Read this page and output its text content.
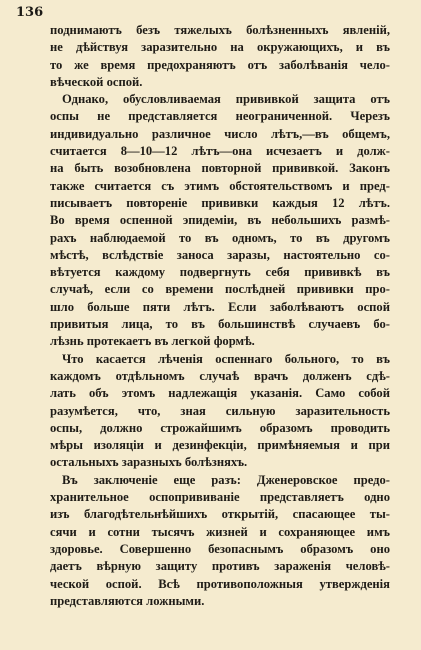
136
поднимаютъ безъ тяжелыхъ болѣзненныхъ явленій,
не дѣйствуя заразительно на окружающихъ, и въ
то же время предохраняютъ отъ заболѣванія чело-
вѣческой оспой.
Однако, обусловливаемая прививкой защита отъ
оспы не представляется неограниченной. Черезъ
индивидуально различное число лѣтъ,—въ общемъ,
считается 8—10—12 лѣтъ—она исчезаетъ и долж-
на быть возобновлена повторной прививкой. Законъ
также считается съ этимъ обстоятельствомъ и пред-
писываетъ повтореніе прививки каждыя 12 лѣтъ.
Во время оспенной эпидеміи, въ небольшихъ размѣ-
рахъ наблюдаемой то въ одномъ, то въ другомъ
мѣстѣ, вслѣдствіе заноса заразы, настоятельно со-
вѣтуется каждому подвергнуть себя прививкѣ въ
случаѣ, если со времени послѣдней прививки про-
шло больше пяти лѣтъ. Если заболѣваютъ оспой
привитыя лица, то въ большинствѣ случаевъ бо-
лѣзнь протекаетъ въ легкой формѣ.
Что касается лѣченія оспеннаго больного, то въ
каждомъ отдѣльномъ случаѣ врачъ долженъ сдѣ-
лать объ этомъ надлежащія указанія. Само собой
разумѣется, что, зная сильную заразительность
оспы, должно строжайшимъ образомъ проводить
мѣры изоляціи и дезинфекціи, примѣняемыя и при
остальныхъ заразныхъ болѣзняхъ.
Въ заключеніе еще разъ: Дженеровское предо-
хранительное оспопрививаніе представляетъ одно
изъ благодѣтельнѣйшихъ открытій, спасающее ты-
сячи и сотни тысячъ жизней и сохраняющее имъ
здоровье. Совершенно безопаснымъ образомъ оно
даетъ вѣрную защиту противъ зараженія человѣ-
ческой оспой. Всѣ противоположныя утвержденія
представляются ложными.
